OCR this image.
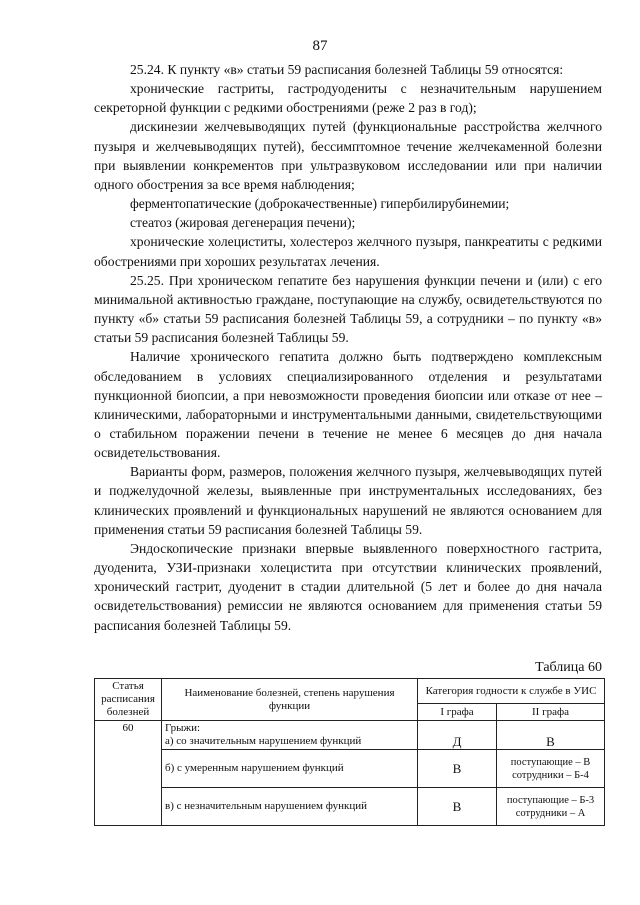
87

25.24. К пункту «в» статьи 59 расписания болезней Таблицы 59 относятся:

хронические гастриты, гастродуодениты с незначительным нарушением секреторной функции с редкими обострениями (реже 2 раз в год);

дискинезии желчевыводящих путей (функциональные расстройства желчного пузыря и желчевыводящих путей), бессимптомное течение желчекаменной болезни при выявлении конкрементов при ультразвуковом исследовании или при наличии одного обострения за все время наблюдения;

ферментопатические (доброкачественные) гипербилирубинемии;

стеатоз (жировая дегенерация печени);

хронические холециститы, холестероз желчного пузыря, панкреатиты с редкими обострениями при хороших результатах лечения.

25.25. При хроническом гепатите без нарушения функции печени и (или) с его минимальной активностью граждане, поступающие на службу, освидетельствуются по пункту «б» статьи 59 расписания болезней Таблицы 59, а сотрудники – по пункту «в» статьи 59 расписания болезней Таблицы 59.

Наличие хронического гепатита должно быть подтверждено комплексным обследованием в условиях специализированного отделения и результатами пункционной биопсии, а при невозможности проведения биопсии или отказе от нее – клиническими, лабораторными и инструментальными данными, свидетельствующими о стабильном поражении печени в течение не менее 6 месяцев до дня начала освидетельствования.

Варианты форм, размеров, положения желчного пузыря, желчевыводящих путей и поджелудочной железы, выявленные при инструментальных исследованиях, без клинических проявлений и функциональных нарушений не являются основанием для применения статьи 59 расписания болезней Таблицы 59.

Эндоскопические признаки впервые выявленного поверхностного гастрита, дуоденита, УЗИ-признаки холецистита при отсутствии клинических проявлений, хронический гастрит, дуоденит в стадии длительной (5 лет и более до дня начала освидетельствования) ремиссии не являются основанием для применения статьи 59 расписания болезней Таблицы 59.

Таблица 60
Статья расписания болезней	Наименование болезней, степень нарушения функции	Категория годности к службе в УИС	
		I графа	II графа
60	Грыжи:
а) со значительным нарушением функций	Д	В
	б) с умеренным нарушением функций	В	поступающие – В
сотрудники – Б-4

	в) с незначительным нарушением функций	В	поступающие – Б-3
сотрудники – А
